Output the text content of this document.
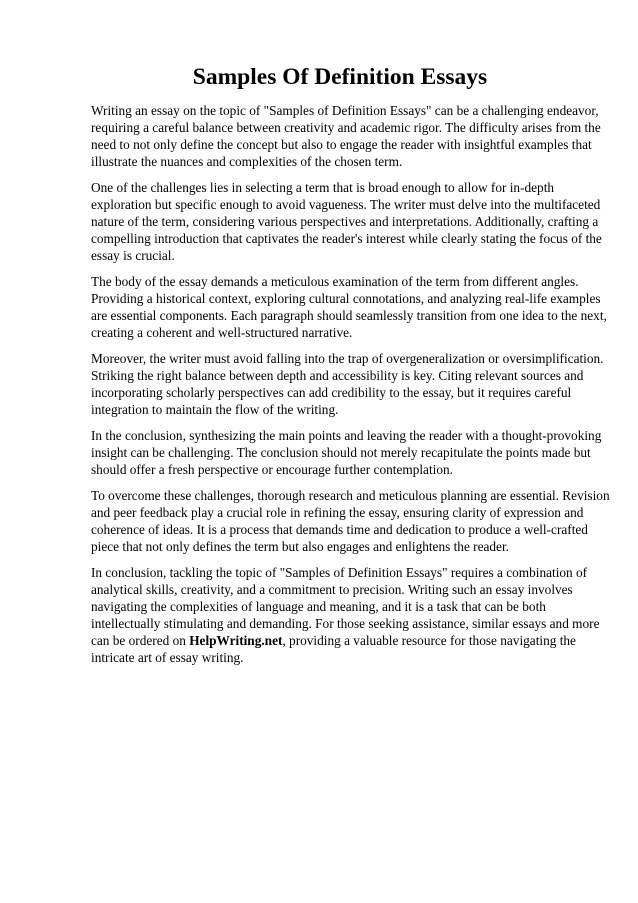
Samples Of Definition Essays

Writing an essay on the topic of "Samples of Definition Essays" can be a challenging endeavor,
requiring a careful balance between creativity and academic rigor. The difficulty arises from the
need to not only define the concept but also to engage the reader with insightful examples that
illustrate the nuances and complexities of the chosen term.

One of the challenges lies in selecting a term that is broad enough to allow for in-depth
exploration but specific enough to avoid vagueness. The writer must delve into the multifaceted
nature of the term, considering various perspectives and interpretations. Additionally, crafting a
compelling introduction that captivates the reader's interest while clearly stating the focus of the
essay is crucial.

The body of the essay demands a meticulous examination of the term from different angles.
Providing a historical context, exploring cultural connotations, and analyzing real-life examples
are essential components. Each paragraph should seamlessly transition from one idea to the next,
creating a coherent and well-structured narrative.

Moreover, the writer must avoid falling into the trap of overgeneralization or oversimplification.
Striking the right balance between depth and accessibility is key. Citing relevant sources and
incorporating scholarly perspectives can add credibility to the essay, but it requires careful
integration to maintain the flow of the writing.

In the conclusion, synthesizing the main points and leaving the reader with a thought-provoking
insight can be challenging. The conclusion should not merely recapitulate the points made but
should offer a fresh perspective or encourage further contemplation.

To overcome these challenges, thorough research and meticulous planning are essential. Revision
and peer feedback play a crucial role in refining the essay, ensuring clarity of expression and
coherence of ideas. It is a process that demands time and dedication to produce a well-crafted
piece that not only defines the term but also engages and enlightens the reader.

In conclusion, tackling the topic of "Samples of Definition Essays" requires a combination of
analytical skills, creativity, and a commitment to precision. Writing such an essay involves
navigating the complexities of language and meaning, and it is a task that can be both
intellectually stimulating and demanding. For those seeking assistance, similar essays and more
can be ordered on HelpWriting.net, providing a valuable resource for those navigating the
intricate art of essay writing.
